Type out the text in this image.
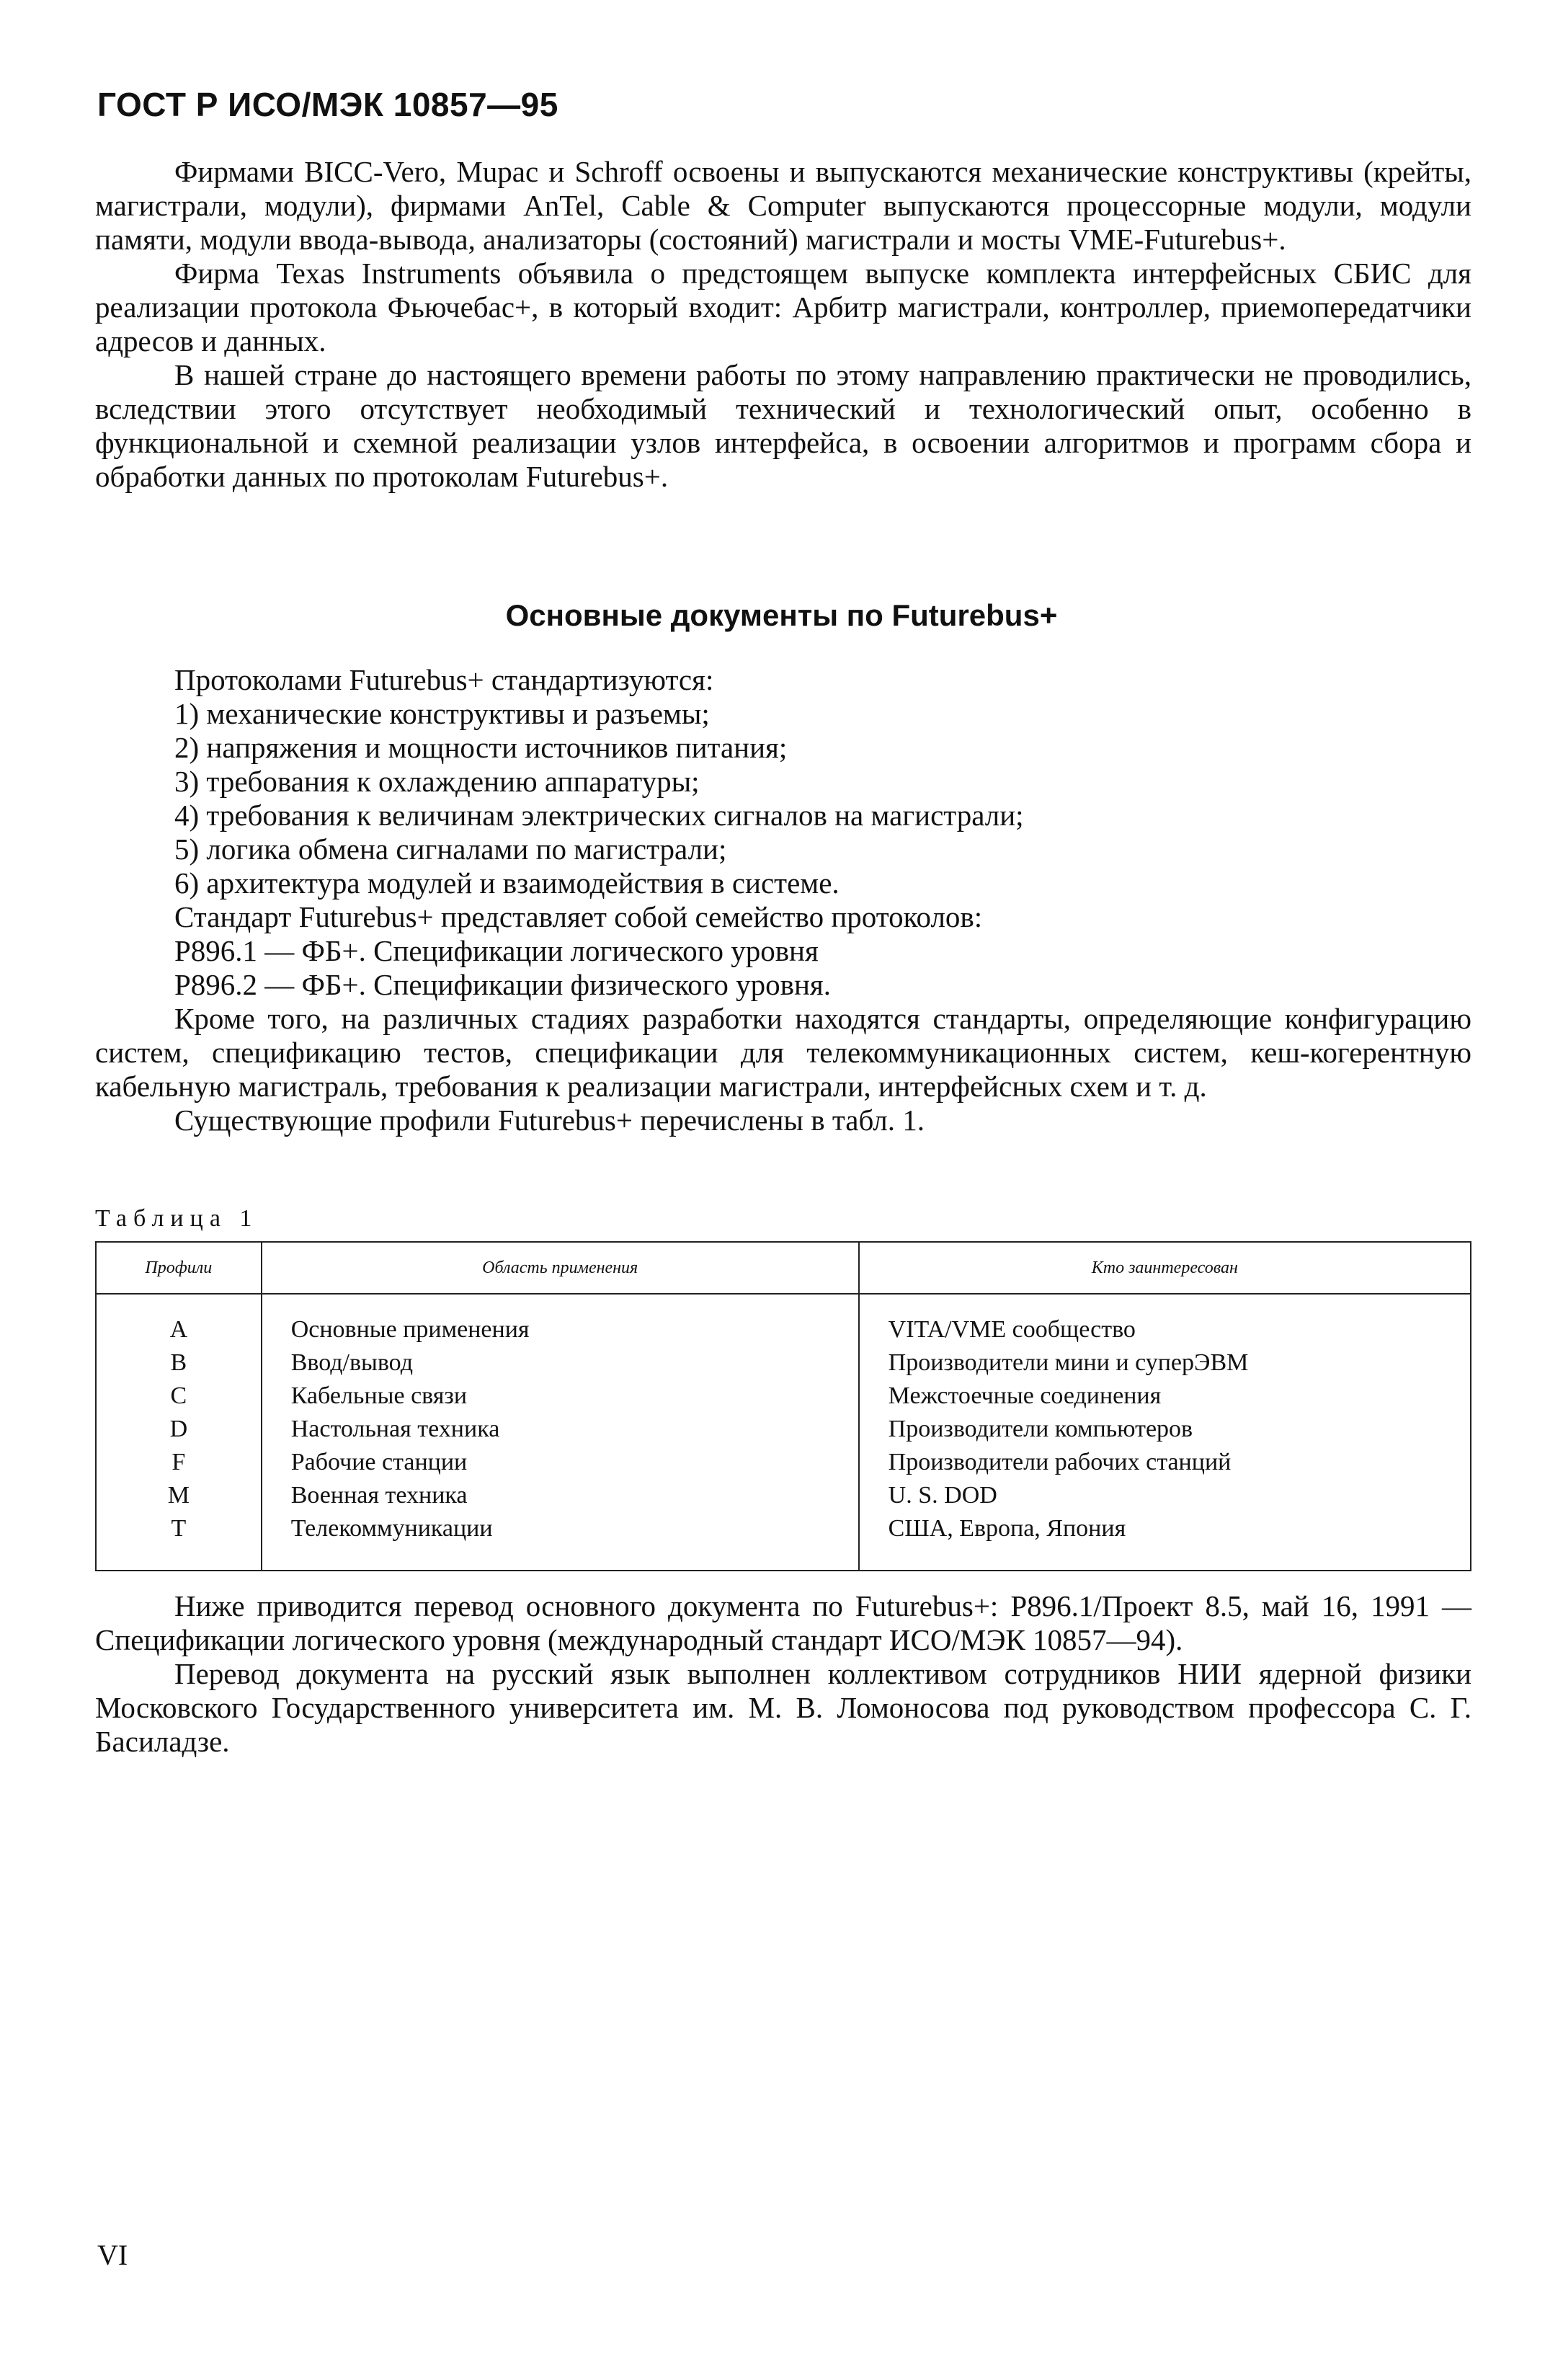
ГОСТ Р ИСО/МЭК 10857—95

Фирмами BICC-Vero, Mupac и Schroff освоены и выпускаются механические конструктивы (крейты, магистрали, модули), фирмами AnTel, Cable & Computer выпускаются процессорные модули, модули памяти, модули ввода-вывода, анализаторы (состояний) магистрали и мосты VME-Futurebus+.

Фирма Texas Instruments объявила о предстоящем выпуске комплекта интерфейсных СБИС для реализации протокола Фьючебас+, в который входит: Арбитр магистрали, контроллер, приемопередатчики адресов и данных.

В нашей стране до настоящего времени работы по этому направлению практически не проводились, вследствии этого отсутствует необходимый технический и технологический опыт, особенно в функциональной и схемной реализации узлов интерфейса, в освоении алгоритмов и программ сбора и обработки данных по протоколам Futurebus+.

Основные документы по Futurebus+
Протоколами Futurebus+ стандартизуются:
1) механические конструктивы и разъемы;
2) напряжения и мощности источников питания;
3) требования к охлаждению аппаратуры;
4) требования к величинам электрических сигналов на магистрали;
5) логика обмена сигналами по магистрали;
6) архитектура модулей и взаимодействия в системе.
Стандарт Futurebus+ представляет собой семейство протоколов:
Р896.1 — ФБ+. Спецификации логического уровня
Р896.2 — ФБ+. Спецификации физического уровня.

Кроме того, на различных стадиях разработки находятся стандарты, определяющие конфигурацию систем, спецификацию тестов, спецификации для телекоммуникационных систем, кеш-когерентную кабельную магистраль, требования к реализации магистрали, интерфейсных схем и т. д.

Существующие профили Futurebus+ перечислены в табл. 1.
Таблица 1
Профили	Область применения	Кто заинтересован
A	Основные применения	VITA/VME сообщество
B	Ввод/вывод	Производители мини и суперЭВМ
C	Кабельные связи	Межстоечные соединения
D	Настольная техника	Производители компьютеров
F	Рабочие станции	Производители рабочих станций
M	Военная техника	U. S. DOD
T	Телекоммуникации	США, Европа, Япония

Ниже приводится перевод основного документа по Futurebus+: Р896.1/Проект 8.5, май 16, 1991 — Спецификации логического уровня (международный стандарт ИСО/МЭК 10857—94).

Перевод документа на русский язык выполнен коллективом сотрудников НИИ ядерной физики Московского Государственного университета им. М. В. Ломоносова под руководством профессора С. Г. Басиладзе.

VI
